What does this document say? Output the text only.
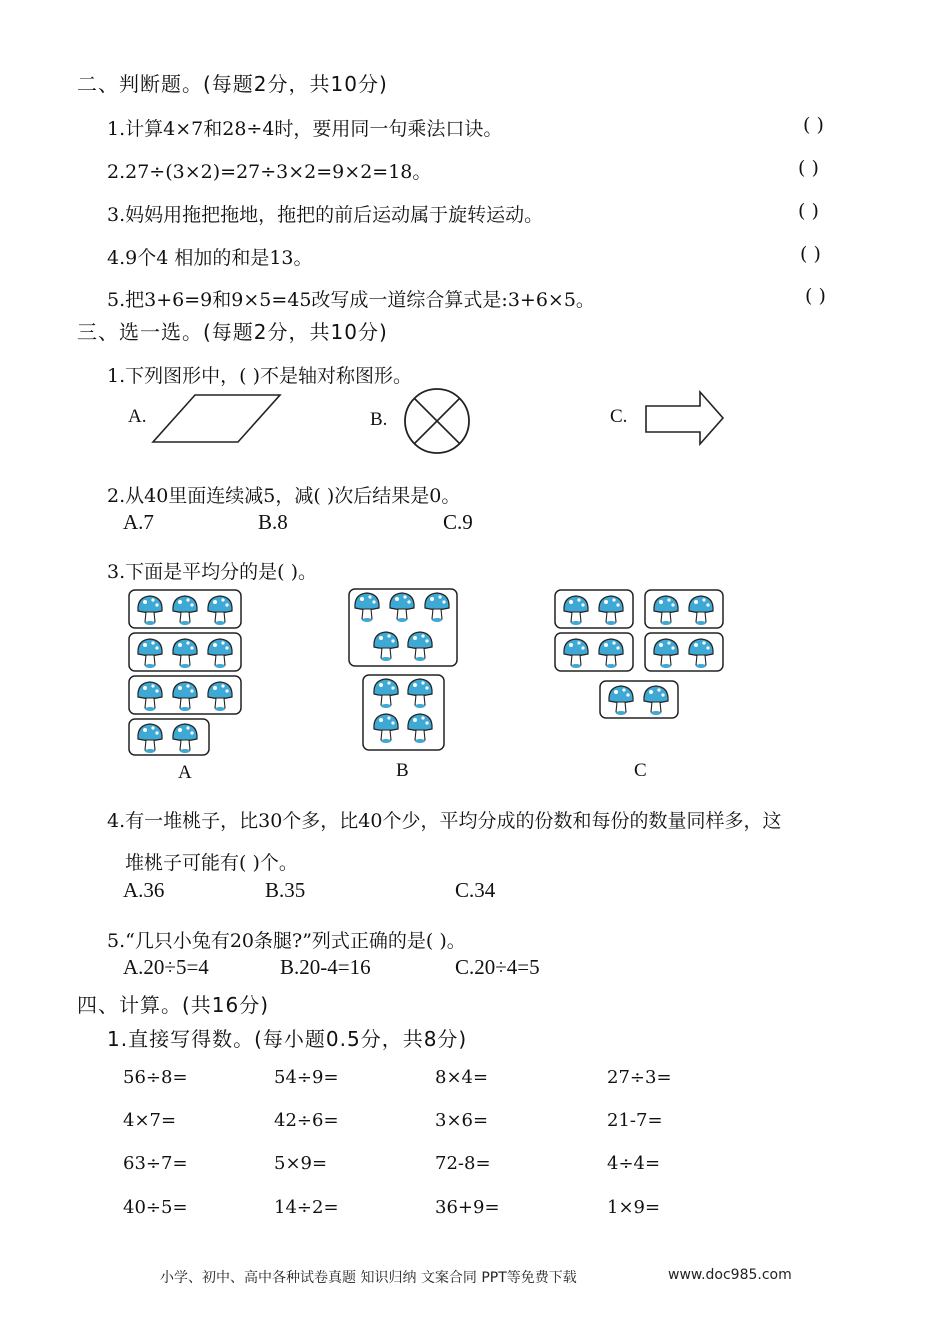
二、判断题。(每题2分，共10分)
1.计算4×7和28÷4时，要用同一句乘法口诀。	( )
2.27÷(3×2)=27÷3×2=9×2=18。	( )
3.妈妈用拖把拖地，拖把的前后运动属于旋转运动。	( )
4.9个4 相加的和是13。	( )
5.把3+6=9和9×5=45改写成一道综合算式是:3+6×5。	( )
三、选一选。(每题2分，共10分)
1.下列图形中，( )不是轴对称图形。
A.	B.	C.
2.从40里面连续减5，减( )次后结果是0。
A.7	B.8	C.9
3.下面是平均分的是( )。
A	B	C
4.有一堆桃子，比30个多，比40个少，平均分成的份数和每份的数量同样多，这
堆桃子可能有( )个。
A.36	B.35	C.34
5.“几只小兔有20条腿?”列式正确的是( )。
A.20÷5=4	B.20-4=16	C.20÷4=5
四、计算。(共16分)
1.直接写得数。(每小题0.5分，共8分)
56÷8=	54÷9=	8×4=	27÷3=
4×7=	42÷6=	3×6=	21-7=
63÷7=	5×9=	72-8=	4÷4=
40÷5=	14÷2=	36+9=	1×9=
小学、初中、高中各种试卷真题 知识归纳 文案合同 PPT等免费下载	www.doc985.com
